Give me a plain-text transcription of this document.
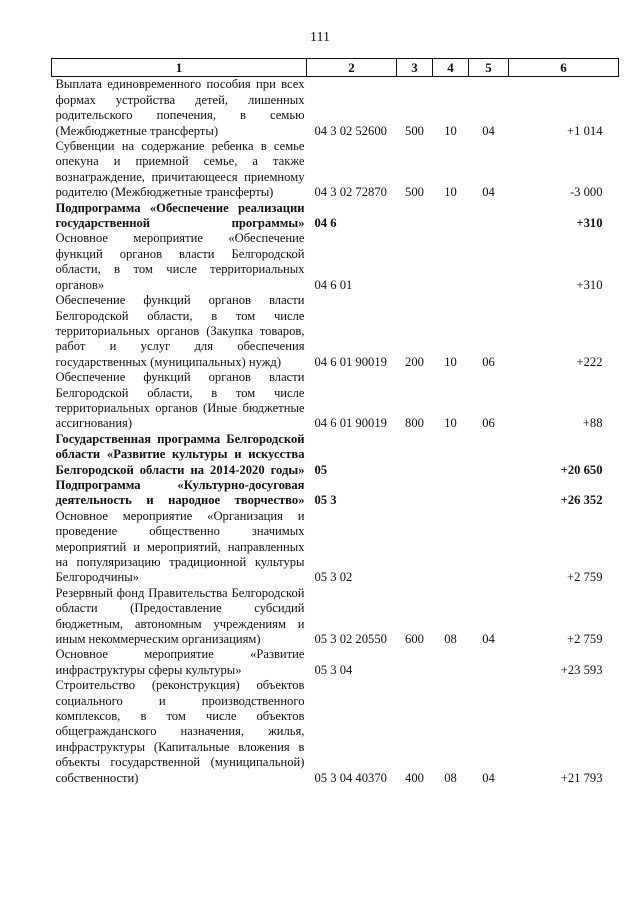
111
1	2	3	4	5	6
Выплата единовременного пособия при всех формах устройства детей, лишенных родительского попечения, в семью (Межбюджетные трансферты)	04 3 02 52600	500	10	04	+1 014
Субвенции на содержание ребенка в семье опекуна и приемной семье, а также вознаграждение, причитающееся приемному родителю (Межбюджетные трансферты)	04 3 02 72870	500	10	04	-3 000
Подпрограмма «Обеспечение реализации государственной программы»	04 6				+310
Основное мероприятие «Обеспечение функций органов власти Белгородской области, в том числе территориальных органов»	04 6 01				+310
Обеспечение функций органов власти Белгородской области, в том числе территориальных органов (Закупка товаров, работ и услуг для обеспечения государственных (муниципальных) нужд)	04 6 01 90019	200	10	06	+222
Обеспечение функций органов власти Белгородской области, в том числе территориальных органов (Иные бюджетные ассигнования)	04 6 01 90019	800	10	06	+88
Государственная программа Белгородской области «Развитие культуры и искусства Белгородской области на 2014-2020 годы»	05				+20 650
Подпрограмма «Культурно-досуговая деятельность и народное творчество»	05 3				+26 352
Основное мероприятие «Организация и проведение общественно значимых мероприятий и мероприятий, направленных на популяризацию традиционной культуры Белгородчины»	05 3 02				+2 759
Резервный фонд Правительства Белгородской области (Предоставление субсидий бюджетным, автономным учреждениям и иным некоммерческим организациям)	05 3 02 20550	600	08	04	+2 759
Основное мероприятие «Развитие инфраструктуры сферы культуры»	05 3 04				+23 593
Строительство (реконструкция) объектов социального и производственного комплексов, в том числе объектов общегражданского назначения, жилья, инфраструктуры (Капитальные вложения в объекты государственной (муниципальной) собственности)	05 3 04 40370	400	08	04	+21 793
